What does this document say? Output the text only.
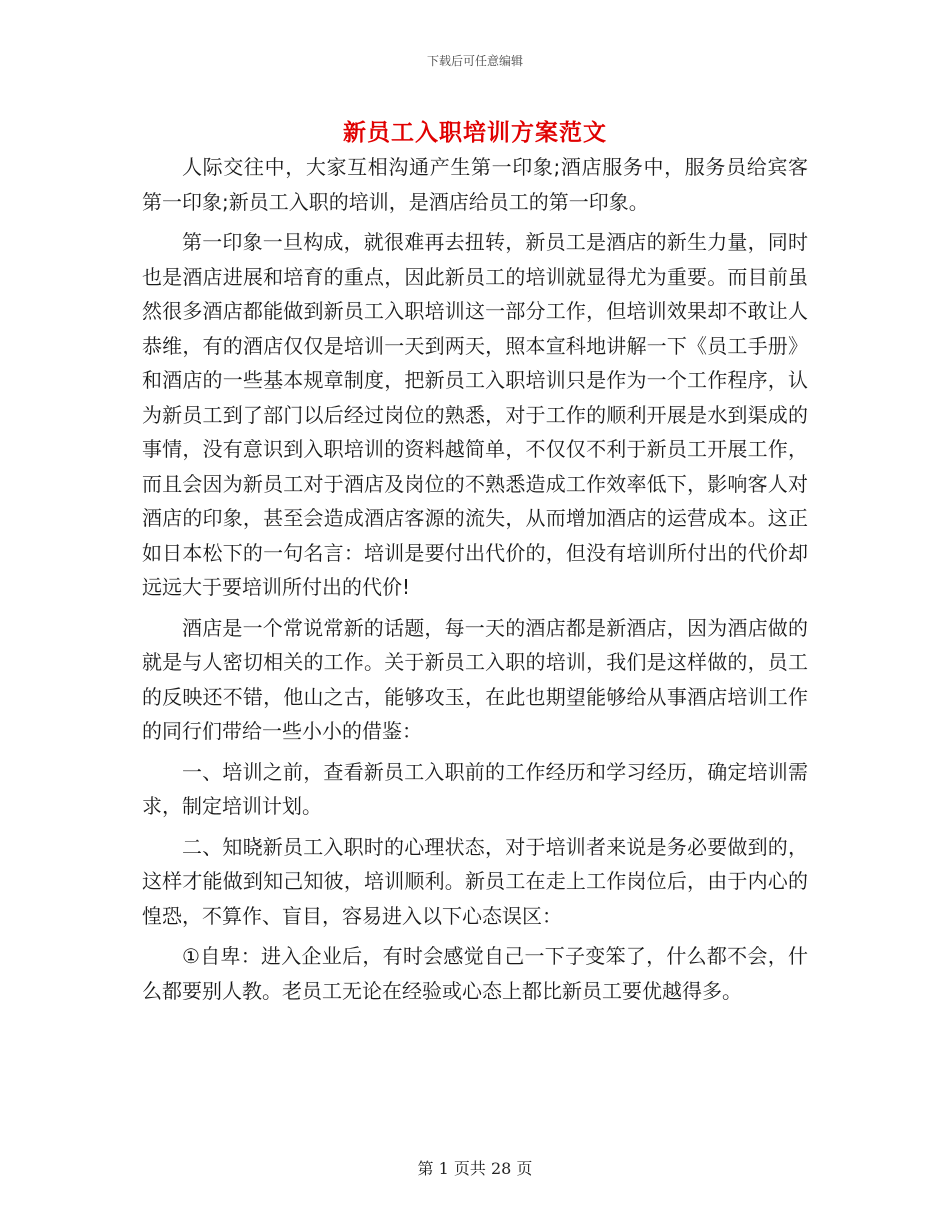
下载后可任意编辑
新员工入职培训方案范文

人际交往中，大家互相沟通产生第一印象;酒店服务中，服务员给宾客第一印象;新员工入职的培训，是酒店给员工的第一印象。

第一印象一旦构成，就很难再去扭转，新员工是酒店的新生力量，同时也是酒店进展和培育的重点，因此新员工的培训就显得尤为重要。而目前虽然很多酒店都能做到新员工入职培训这一部分工作，但培训效果却不敢让人恭维，有的酒店仅仅是培训一天到两天，照本宣科地讲解一下《员工手册》和酒店的一些基本规章制度，把新员工入职培训只是作为一个工作程序，认为新员工到了部门以后经过岗位的熟悉，对于工作的顺利开展是水到渠成的事情，没有意识到入职培训的资料越简单，不仅仅不利于新员工开展工作，而且会因为新员工对于酒店及岗位的不熟悉造成工作效率低下，影响客人对酒店的印象，甚至会造成酒店客源的流失，从而增加酒店的运营成本。这正如日本松下的一句名言：培训是要付出代价的，但没有培训所付出的代价却远远大于要培训所付出的代价!

酒店是一个常说常新的话题，每一天的酒店都是新酒店，因为酒店做的就是与人密切相关的工作。关于新员工入职的培训，我们是这样做的，员工的反映还不错，他山之古，能够攻玉，在此也期望能够给从事酒店培训工作的同行们带给一些小小的借鉴：

一、培训之前，查看新员工入职前的工作经历和学习经历，确定培训需求，制定培训计划。

二、知晓新员工入职时的心理状态，对于培训者来说是务必要做到的，这样才能做到知己知彼，培训顺利。新员工在走上工作岗位后，由于内心的惶恐，不算作、盲目，容易进入以下心态误区：

①自卑：进入企业后，有时会感觉自己一下子变笨了，什么都不会，什么都要别人教。老员工无论在经验或心态上都比新员工要优越得多。

第 1 页共 28 页
